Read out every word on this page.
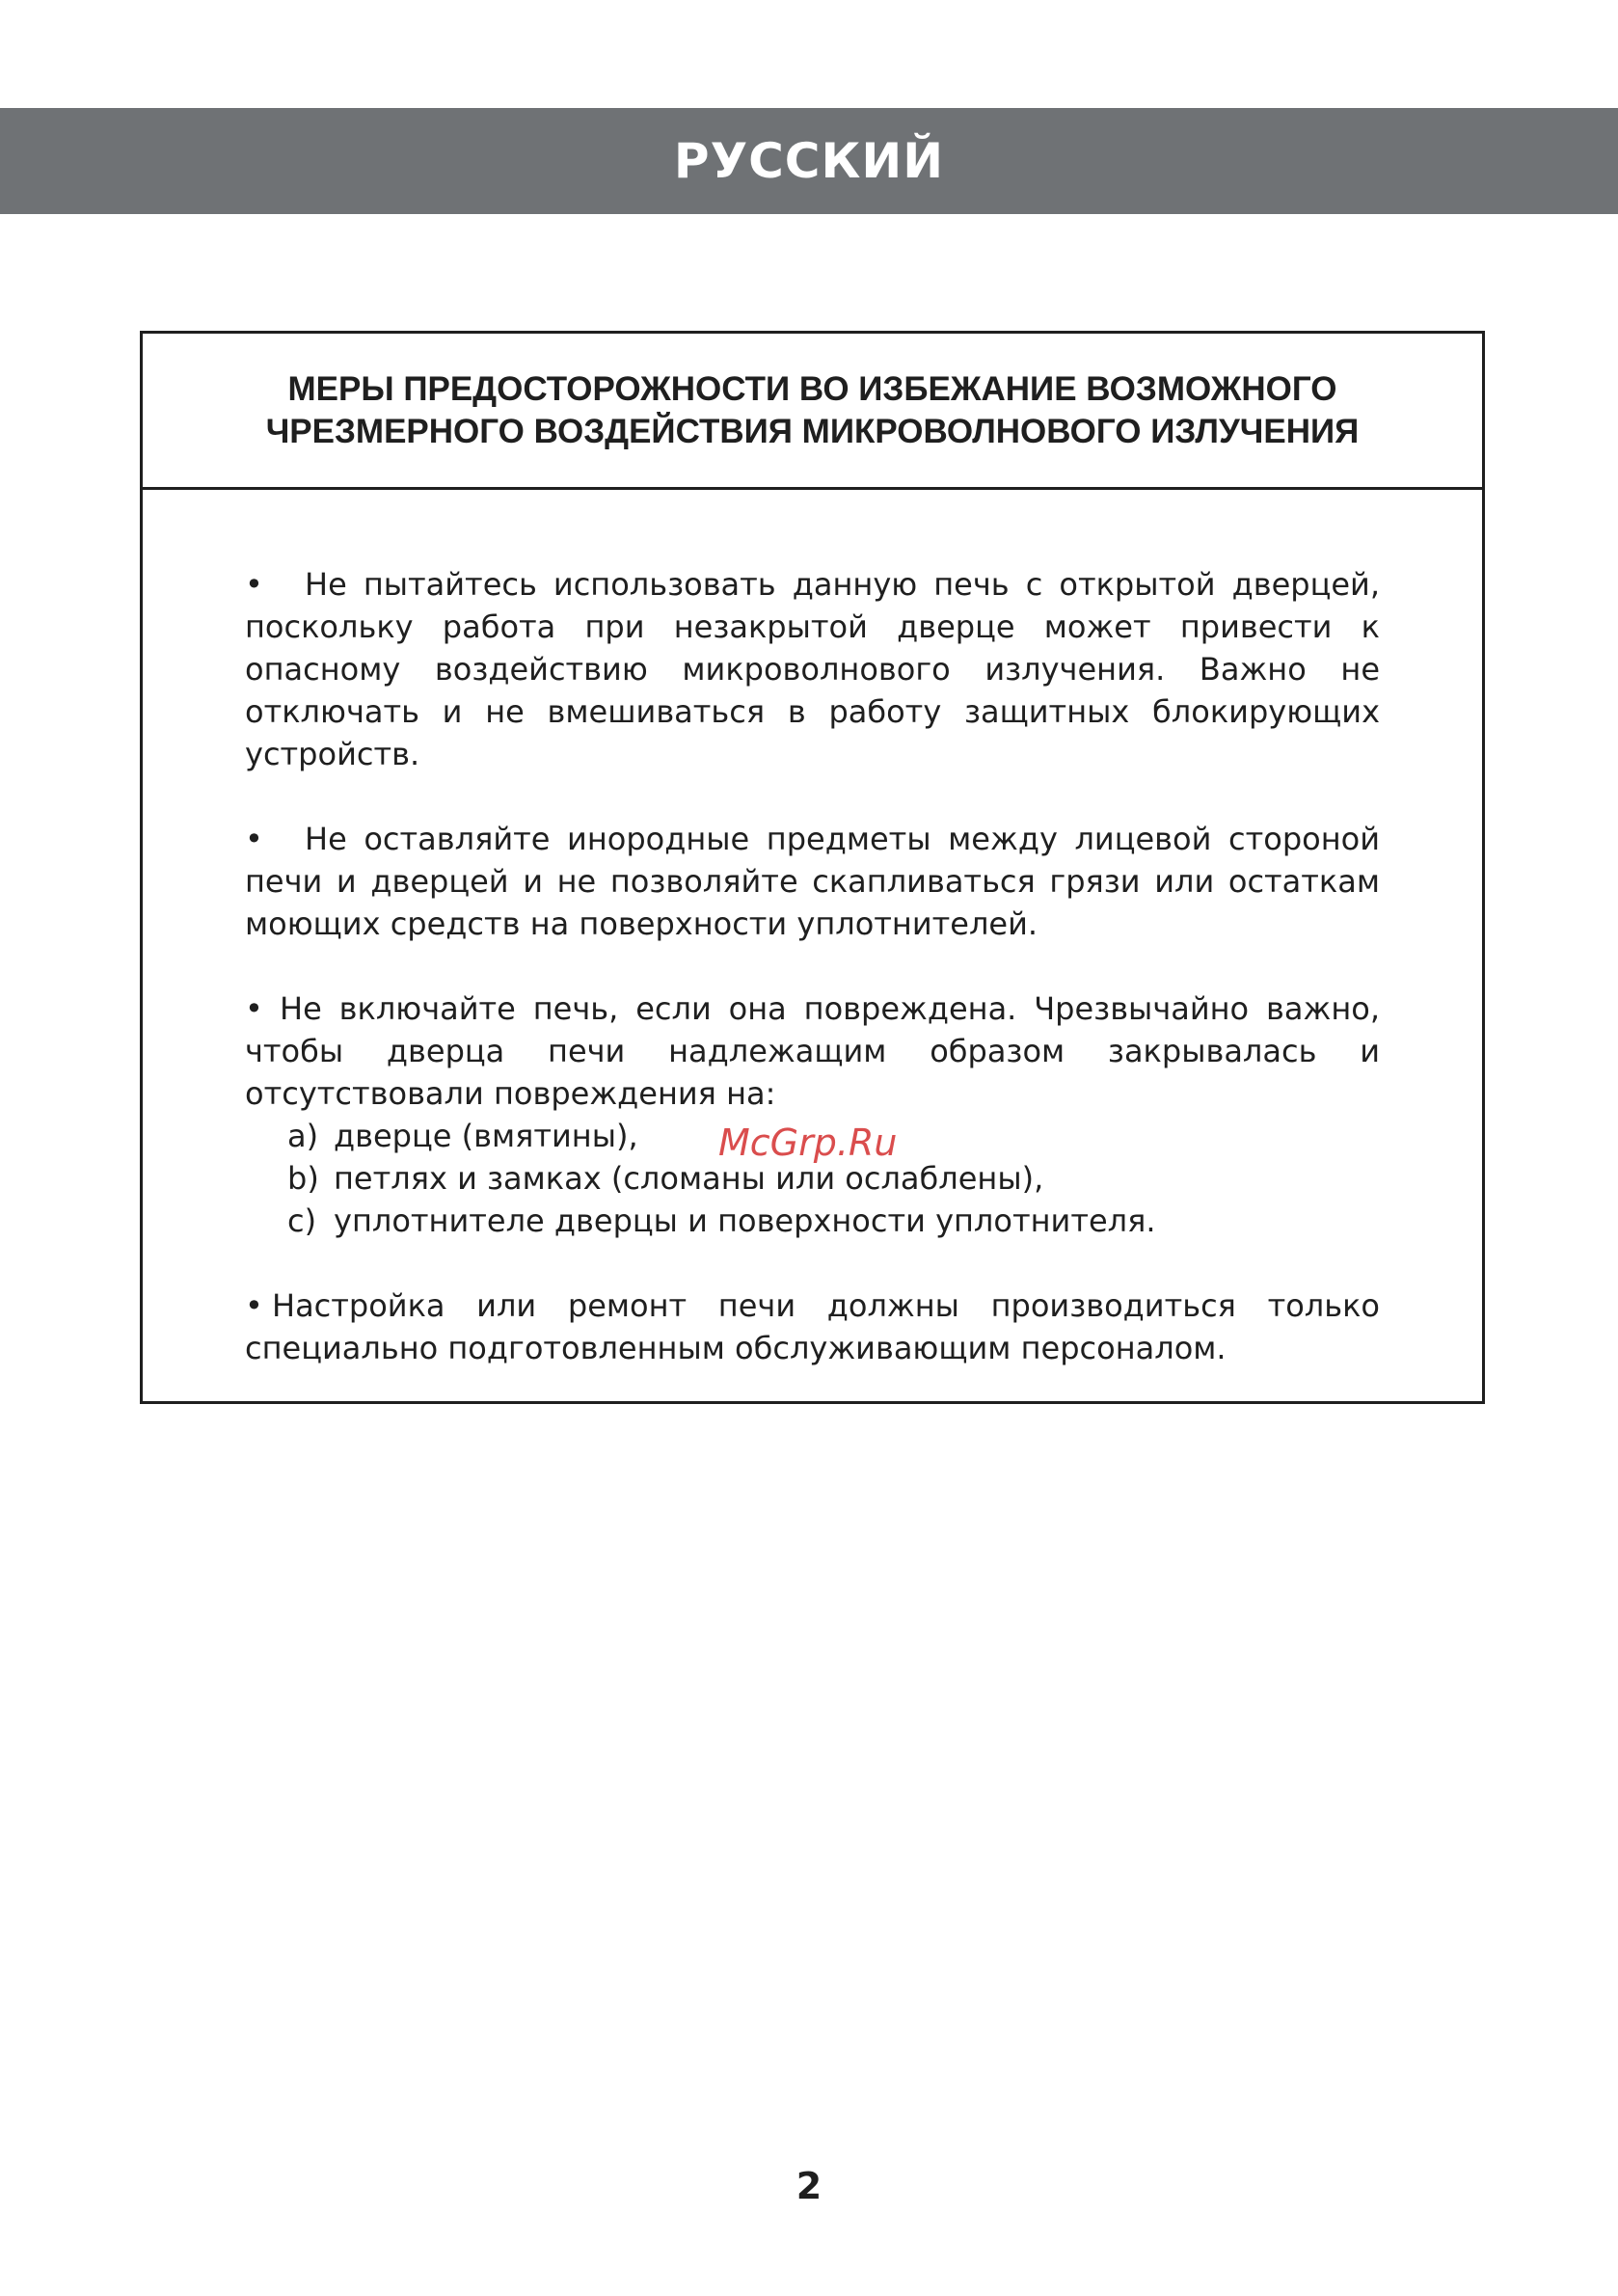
РУССКИЙ
МЕРЫ ПРЕДОСТОРОЖНОСТИ ВО ИЗБЕЖАНИЕ ВОЗМОЖНОГО
ЧРЕЗМЕРНОГО ВОЗДЕЙСТВИЯ МИКРОВОЛНОВОГО ИЗЛУЧЕНИЯ

• Не пытайтесь использовать данную печь с открытой дверцей, поскольку работа при незакрытой дверце может привести к опасному воздействию микроволнового излучения. Важно не отключать и не вмешиваться в работу защитных блокирующих устройств.

• Не оставляйте инородные предметы между лицевой стороной печи и дверцей и не позволяйте скапливаться грязи или остаткам моющих средств на поверхности уплотнителей.

• Не включайте печь, если она повреждена. Чрезвычайно важно, чтобы дверца печи надлежащим образом закрывалась и отсутствовали повреждения на:

a) дверце (вмятины),
b) петлях и замках (сломаны или ослаблены),
c) уплотнителе дверцы и поверхности уплотнителя.

• Настройка или ремонт печи должны производиться только специально подготовленным обслуживающим персоналом.

McGrp.Ru
2
